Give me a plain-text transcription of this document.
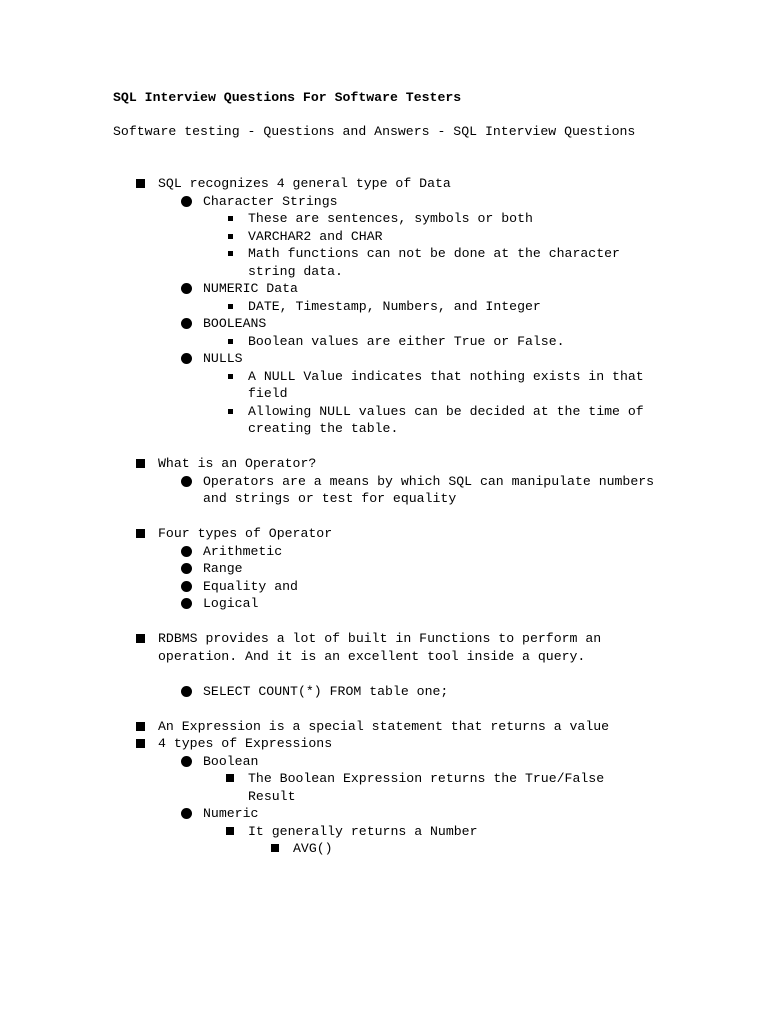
SQL Interview Questions For Software Testers
Software testing - Questions and Answers - SQL Interview Questions
SQL recognizes 4 general type of Data
Character Strings
These are sentences, symbols or both
VARCHAR2 and CHAR
Math functions can not be done at the character string data.
NUMERIC Data
DATE, Timestamp, Numbers, and Integer
BOOLEANS
Boolean values are either True or False.
NULLS
A NULL Value indicates that nothing exists in that field
Allowing NULL values can be decided at the time of creating the table.
What is an Operator?
Operators are a means by which SQL can manipulate numbers and strings or test for equality
Four types of Operator
Arithmetic
Range
Equality and
Logical
RDBMS provides a lot of built in Functions to perform an operation. And it is an excellent tool inside a query.
SELECT COUNT(*) FROM table one;
An Expression is a special statement that returns a value
4 types of Expressions
Boolean
The Boolean Expression returns the True/False Result
Numeric
It generally returns a Number
AVG()
